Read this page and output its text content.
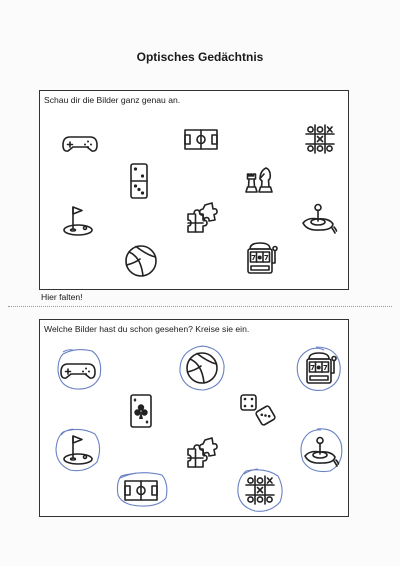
Optisches Gedächtnis
Schau dir die Bilder ganz genau an.
Hier falten!
Welche Bilder hast du schon gesehen? Kreise sie ein.
